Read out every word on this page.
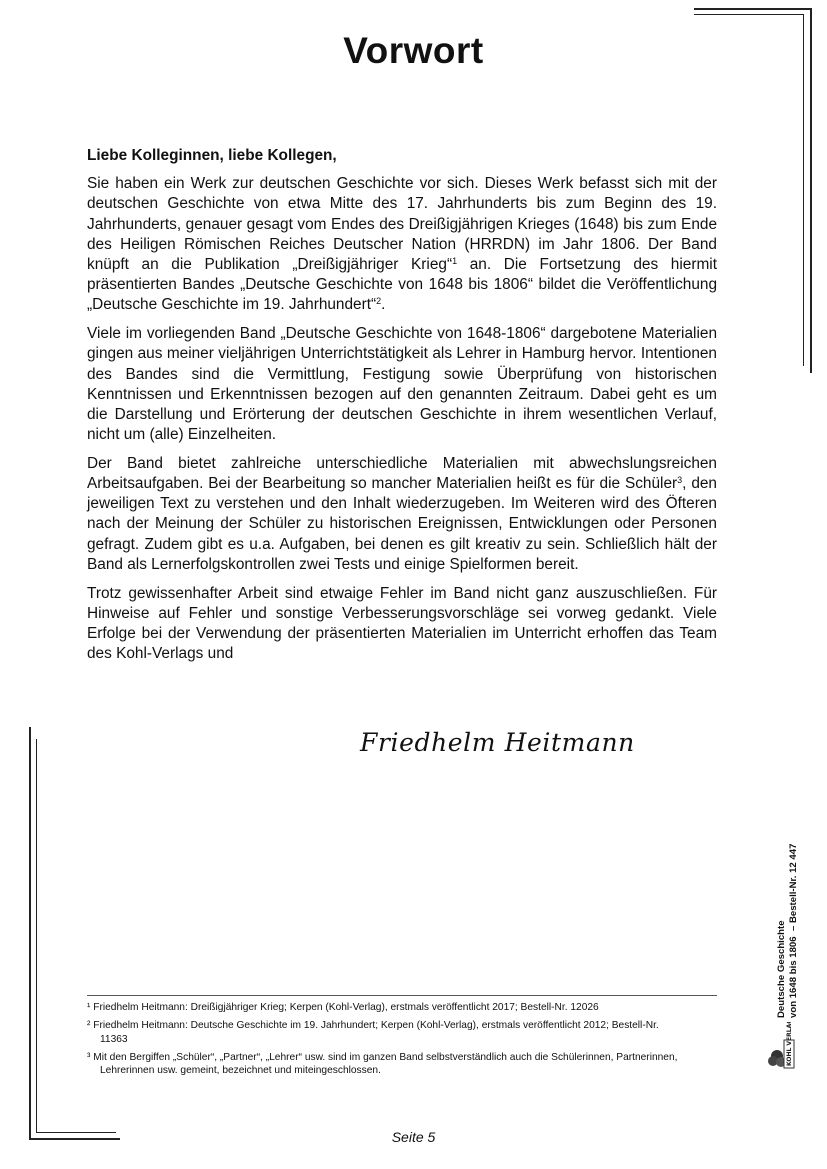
Vorwort
Liebe Kolleginnen, liebe Kollegen,

Sie haben ein Werk zur deutschen Geschichte vor sich. Dieses Werk befasst sich mit der deutschen Geschichte von etwa Mitte des 17. Jahrhunderts bis zum Beginn des 19. Jahrhunderts, genauer gesagt vom Endes des Dreißigjährigen Krieges (1648) bis zum Ende des Heiligen Römischen Reiches Deutscher Nation (HRRDN) im Jahr 1806. Der Band knüpft an die Publikation „Dreißigjähriger Krieg“$^1$ an. Die Fortsetzung des hiermit präsentierten Bandes „Deutsche Geschichte von 1648 bis 1806“ bildet die Veröffentlichung „Deutsche Geschichte im 19. Jahrhundert“$^2$.

Viele im vorliegenden Band „Deutsche Geschichte von 1648-1806“ dargebotene Materialien gingen aus meiner vieljährigen Unterrichtstätigkeit als Lehrer in Hamburg hervor. Intentionen des Bandes sind die Vermittlung, Festigung sowie Überprüfung von historischen Kenntnissen und Erkenntnissen bezogen auf den genannten Zeitraum. Dabei geht es um die Darstellung und Erörterung der deutschen Geschichte in ihrem wesentlichen Verlauf, nicht um (alle) Einzelheiten.

Der Band bietet zahlreiche unterschiedliche Materialien mit abwechslungsreichen Arbeitsaufgaben. Bei der Bearbeitung so mancher Materialien heißt es für die Schüler$^3$, den jeweiligen Text zu verstehen und den Inhalt wiederzugeben. Im Weiteren wird des Öfteren nach der Meinung der Schüler zu historischen Ereignissen, Entwicklungen oder Personen gefragt. Zudem gibt es u.a. Aufgaben, bei denen es gilt kreativ zu sein. Schließlich hält der Band als Lernerfolgskontrollen zwei Tests und einige Spielformen bereit.

Trotz gewissenhafter Arbeit sind etwaige Fehler im Band nicht ganz auszuschließen. Für Hinweise auf Fehler und sonstige Verbesserungsvorschläge sei vorweg gedankt. Viele Erfolge bei der Verwendung der präsentierten Materialien im Unterricht erhoffen das Team des Kohl-Verlags und

Friedhelm Heitmann
¹ Friedhelm Heitmann: Dreißigjähriger Krieg; Kerpen (Kohl-Verlag), erstmals veröffentlicht 2017; Bestell-Nr. 12026
² Friedhelm Heitmann: Deutsche Geschichte im 19. Jahrhundert; Kerpen (Kohl-Verlag), erstmals veröffentlicht 2012; Bestell-Nr. 11363
³ Mit den Bergiffen „Schüler“, „Partner“, „Lehrer“ usw. sind im ganzen Band selbstverständlich auch die Schülerinnen, Partnerinnen, Lehrerinnen usw. gemeint, bezeichnet und miteingeschlossen.
Deutsche Geschichte von 1648 bis 1806  – Bestell-Nr. 12 447
KOHL VERLAG
Seite 5
